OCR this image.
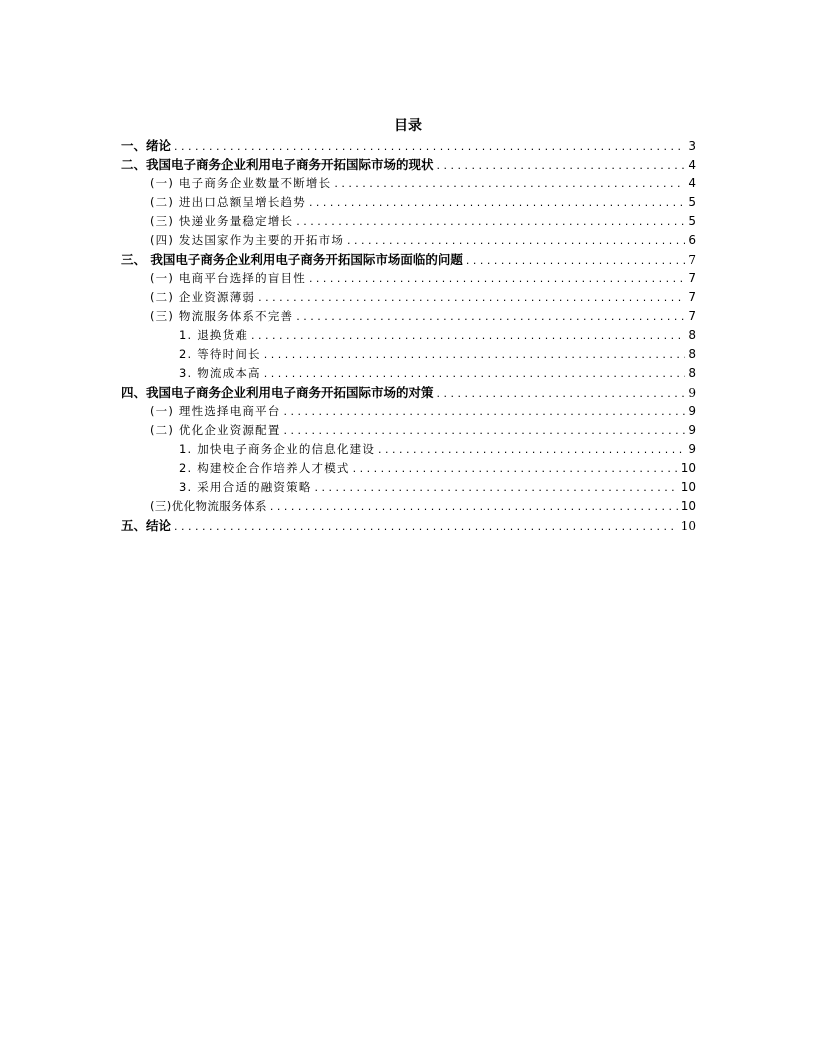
目录
一、绪论 . . .	3
二、我国电子商务企业利用电子商务开拓国际市场的现状 . . .	4
(一) 电子商务企业数量不断增长 . . .	4
(二) 进出口总额呈增长趋势 . . .	5
(三) 快递业务量稳定增长 . . .	5
(四) 发达国家作为主要的开拓市场 . . .	6
三、 我国电子商务企业利用电子商务开拓国际市场面临的问题 . . .	7
(一) 电商平台选择的盲目性 . . .	7
(二) 企业资源薄弱 . . .	7
(三) 物流服务体系不完善 . . .	7
1. 退换货难 . . .	8
2. 等待时间长 . . .	8
3. 物流成本高 . . .	8
四、我国电子商务企业利用电子商务开拓国际市场的对策 . . .	9
(一) 理性选择电商平台 . . .	9
(二) 优化企业资源配置 . . .	9
1. 加快电子商务企业的信息化建设 . . .	9
2. 构建校企合作培养人才模式 . . .	10
3. 采用合适的融资策略 . . .	10
(三)优化物流服务体系 . . .	10
五、结论 . . .	10
